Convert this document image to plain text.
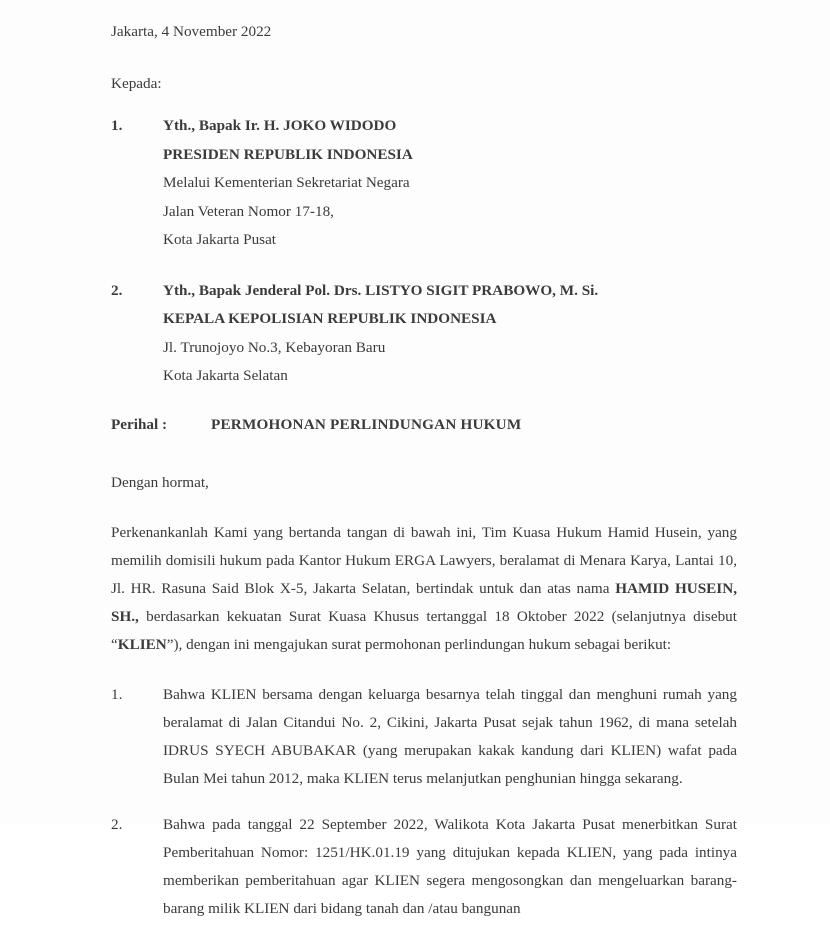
Jakarta, 4 November 2022
Kepada:
1.	Yth., Bapak Ir. H. JOKO WIDODO
PRESIDEN REPUBLIK INDONESIA
Melalui Kementerian Sekretariat Negara
Jalan Veteran Nomor 17-18,
Kota Jakarta Pusat
2.	Yth., Bapak Jenderal Pol. Drs. LISTYO SIGIT PRABOWO, M. Si.
KEPALA KEPOLISIAN REPUBLIK INDONESIA
Jl. Trunojoyo No.3, Kebayoran Baru
Kota Jakarta Selatan
Perihal :	PERMOHONAN PERLINDUNGAN HUKUM
Dengan hormat,
Perkenankanlah Kami yang bertanda tangan di bawah ini, Tim Kuasa Hukum Hamid Husein, yang memilih domisili hukum pada Kantor Hukum ERGA Lawyers, beralamat di Menara Karya, Lantai 10, Jl. HR. Rasuna Said Blok X-5, Jakarta Selatan, bertindak untuk dan atas nama HAMID HUSEIN, SH., berdasarkan kekuatan Surat Kuasa Khusus tertanggal 18 Oktober 2022 (selanjutnya disebut “KLIEN”), dengan ini mengajukan surat permohonan perlindungan hukum sebagai berikut:
1.	Bahwa KLIEN bersama dengan keluarga besarnya telah tinggal dan menghuni rumah yang beralamat di Jalan Citandui No. 2, Cikini, Jakarta Pusat sejak tahun 1962, di mana setelah IDRUS SYECH ABUBAKAR (yang merupakan kakak kandung dari KLIEN) wafat pada Bulan Mei tahun 2012, maka KLIEN terus melanjutkan penghunian hingga sekarang.
2.	Bahwa pada tanggal 22 September 2022, Walikota Kota Jakarta Pusat menerbitkan Surat Pemberitahuan Nomor: 1251/HK.01.19 yang ditujukan kepada KLIEN, yang pada intinya memberikan pemberitahuan agar KLIEN segera mengosongkan dan mengeluarkan barang-barang milik KLIEN dari bidang tanah dan /atau bangunan
